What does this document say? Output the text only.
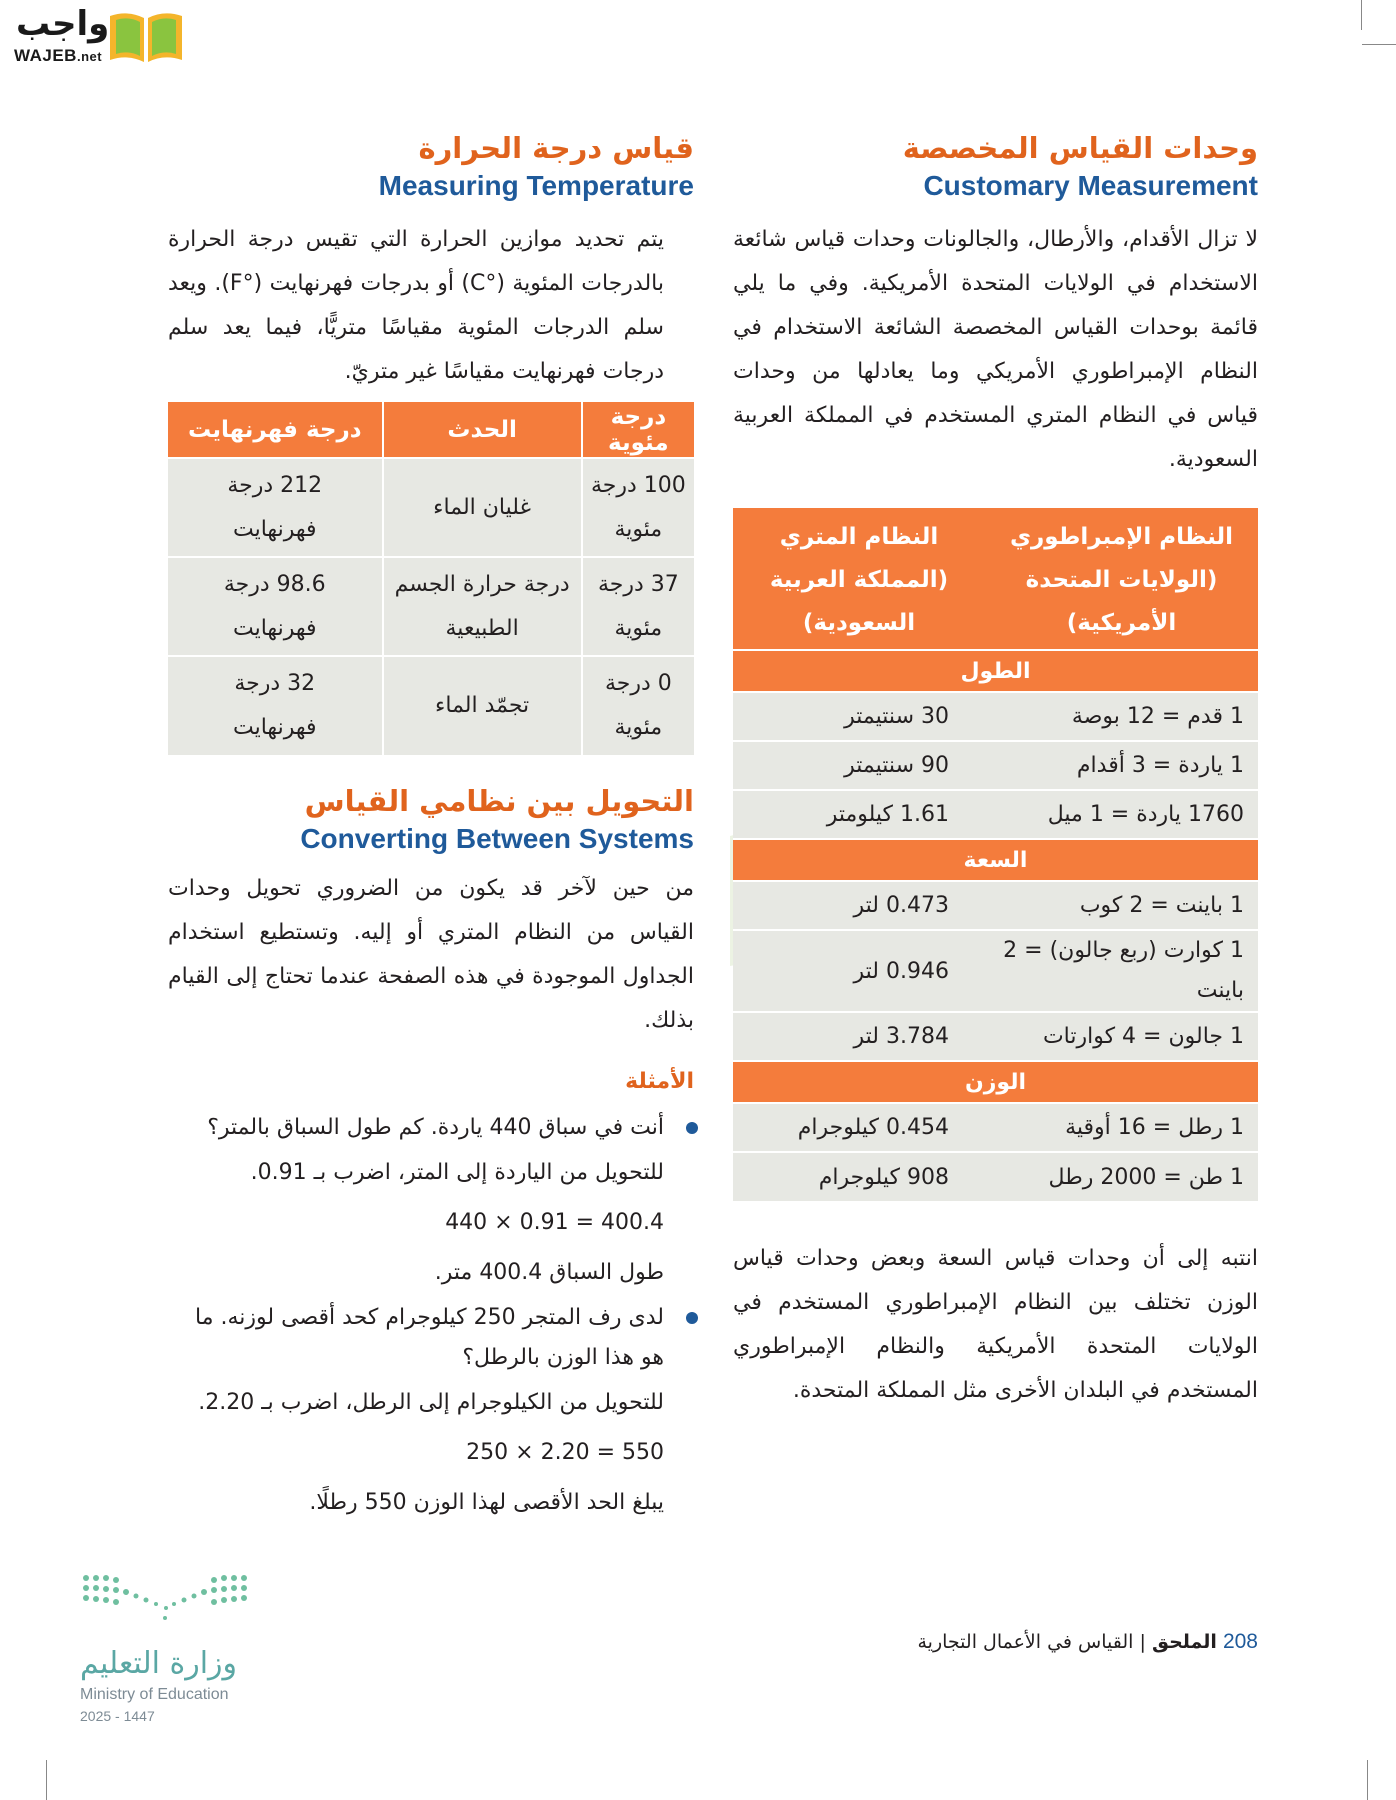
واجب
WAJEB.net
وحدات القياس المخصصة
Customary Measurement

لا تزال الأقدام، والأرطال، والجالونات وحدات قياس شائعة الاستخدام في الولايات المتحدة الأمريكية. وفي ما يلي قائمة بوحدات القياس المخصصة الشائعة الاستخدام في النظام الإمبراطوري الأمريكي وما يعادلها من وحدات قياس في النظام المتري المستخدم في المملكة العربية السعودية.

النظام الإمبراطوري (الولايات المتحدة الأمريكية)	النظام المتري (المملكة العربية السعودية)
الطول	
1 قدم = 12 بوصة	30 سنتيمتر
1 ياردة = 3 أقدام	90 سنتيمتر
1760 ياردة = 1 ميل	1.61 كيلومتر
السعة	
1 باينت = 2 كوب	0.473 لتر
1 كوارت (ربع جالون) = 2 باينت	0.946 لتر
1 جالون = 4 كوارتات	3.784 لتر
الوزن	
1 رطل = 16 أوقية	0.454 كيلوجرام
1 طن = 2000 رطل	908 كيلوجرام

انتبه إلى أن وحدات قياس السعة وبعض وحدات قياس الوزن تختلف بين النظام الإمبراطوري المستخدم في الولايات المتحدة الأمريكية والنظام الإمبراطوري المستخدم في البلدان الأخرى مثل المملكة المتحدة.

قياس درجة الحرارة
Measuring Temperature

يتم تحديد موازين الحرارة التي تقيس درجة الحرارة بالدرجات المئوية (°C) أو بدرجات فهرنهايت (°F). ويعد سلم الدرجات المئوية مقياسًا متريًّا، فيما يعد سلم درجات فهرنهايت مقياسًا غير متريّ.

درجة مئوية	الحدث	درجة فهرنهايت
100 درجة مئوية	غليان الماء	212 درجة فهرنهايت
37 درجة مئوية	درجة حرارة الجسم الطبيعية	98.6 درجة فهرنهايت
0 درجة مئوية	تجمّد الماء	32 درجة فهرنهايت
التحويل بين نظامي القياس
Converting Between Systems

من حين لآخر قد يكون من الضروري تحويل وحدات القياس من النظام المتري أو إليه. وتستطيع استخدام الجداول الموجودة في هذه الصفحة عندما تحتاج إلى القيام بذلك.

الأمثلة
أنت في سباق 440 ياردة. كم طول السباق بالمتر؟
للتحويل من الياردة إلى المتر، اضرب بـ 0.91.
400.4 = 0.91 × 440
طول السباق 400.4 متر.
لدى رف المتجر 250 كيلوجرام كحد أقصى لوزنه. ما هو هذا الوزن بالرطل؟
للتحويل من الكيلوجرام إلى الرطل، اضرب بـ 2.20.
550 = 2.20 × 250
يبلغ الحد الأقصى لهذا الوزن 550 رطلًا.
208 الملحق | القياس في الأعمال التجارية
وزارة التعليم
Ministry of Education
2025 - 1447
